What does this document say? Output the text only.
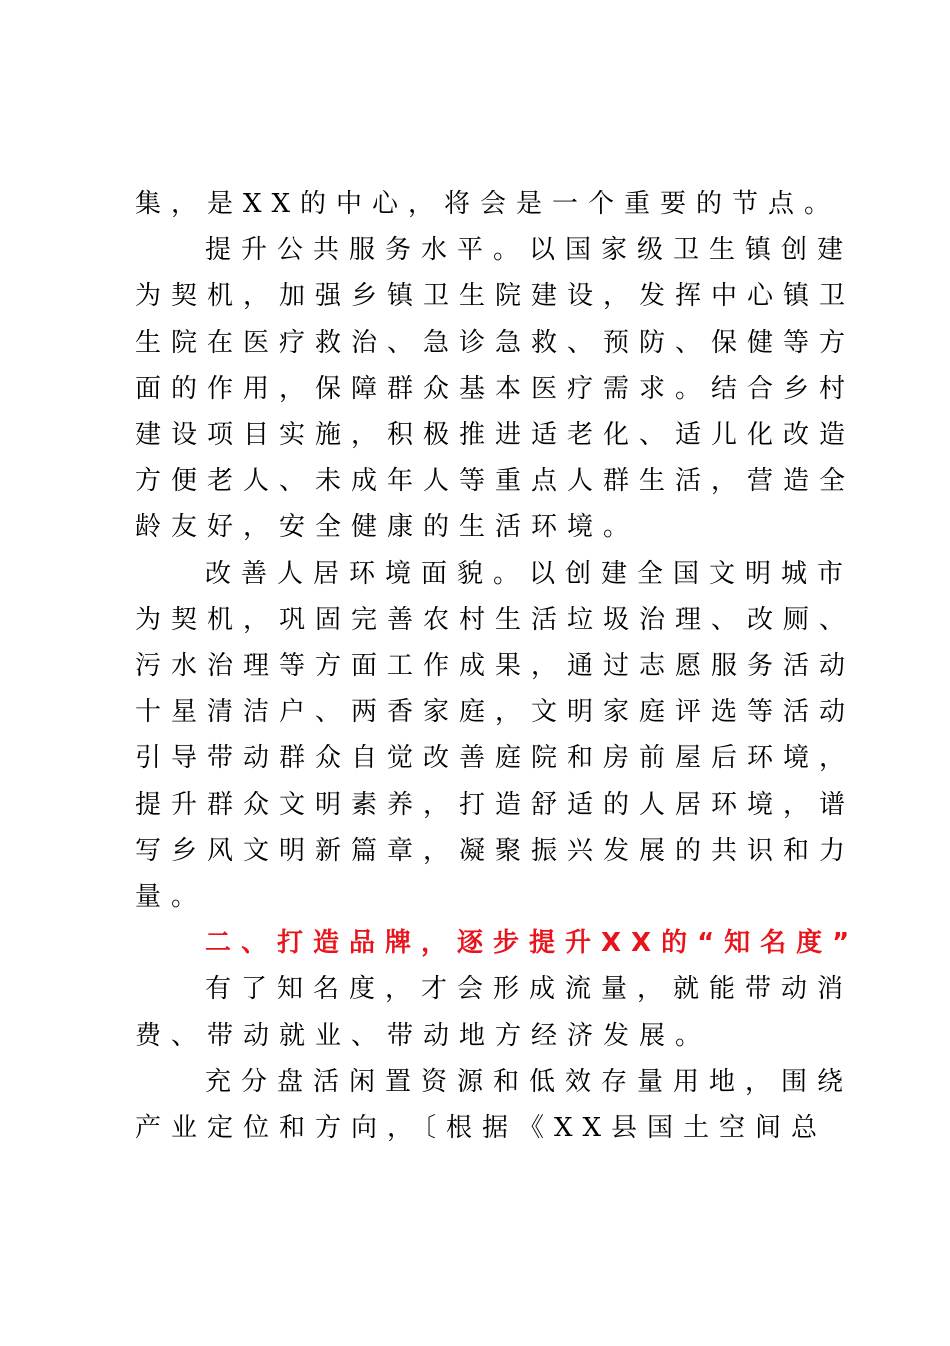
集，是XX的中心，将会是一个重要的节点。
提升公共服务水平。以国家级卫生镇创建
为契机，加强乡镇卫生院建设，发挥中心镇卫
生院在医疗救治、急诊急救、预防、保健等方
面的作用，保障群众基本医疗需求。结合乡村
建设项目实施，积极推进适老化、适儿化改造
方便老人、未成年人等重点人群生活，营造全
龄友好，安全健康的生活环境。
改善人居环境面貌。以创建全国文明城市
为契机，巩固完善农村生活垃圾治理、改厕、
污水治理等方面工作成果，通过志愿服务活动
十星清洁户、两香家庭，文明家庭评选等活动
引导带动群众自觉改善庭院和房前屋后环境，
提升群众文明素养，打造舒适的人居环境，谱
写乡风文明新篇章，凝聚振兴发展的共识和力
量。
二、打造品牌，逐步提升XX的“知名度”
有了知名度，才会形成流量，就能带动消
费、带动就业、带动地方经济发展。
充分盘活闲置资源和低效存量用地，围绕
产业定位和方向，〔根据《XX县国土空间总
